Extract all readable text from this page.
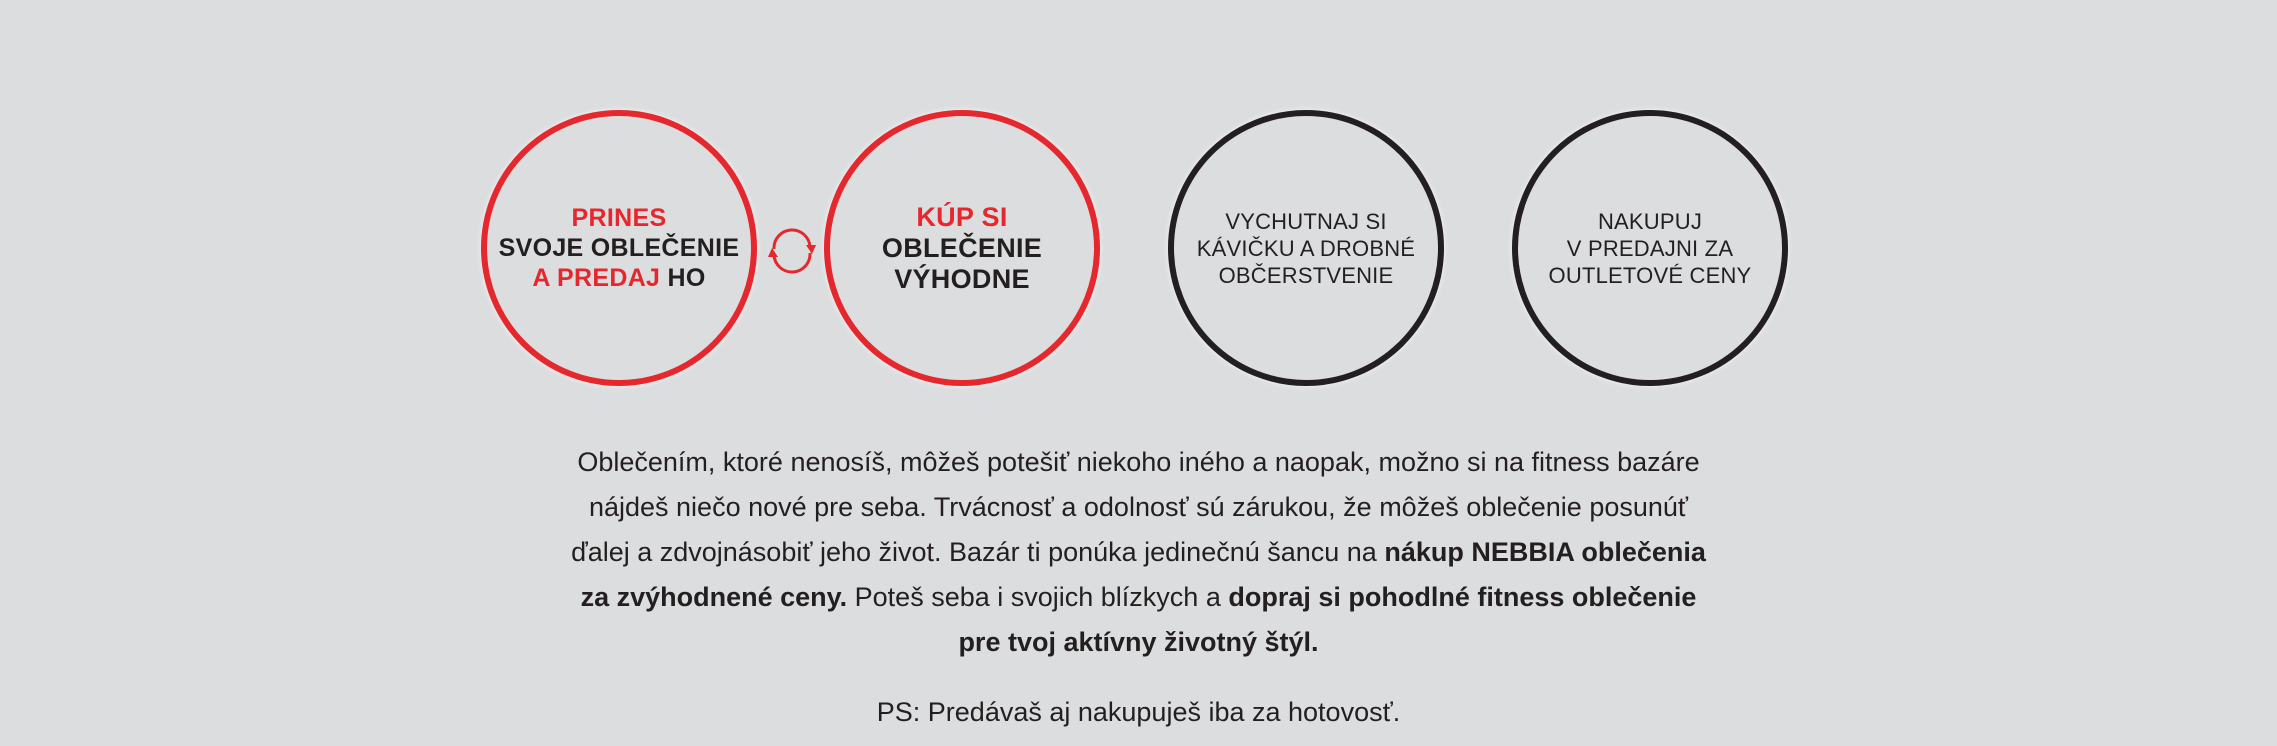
PRINES
SVOJE OBLEČENIE
A PREDAJ HO
KÚP SI
OBLEČENIE
VÝHODNE
VYCHUTNAJ SI
KÁVIČKU A DROBNÉ
OBČERSTVENIE
NAKUPUJ
V PREDAJNI ZA
OUTLETOVÉ CENY

Oblečením, ktoré nenosíš, môžeš potešiť niekoho iného a naopak, možno si na fitness bazáre nájdeš niečo nové pre seba. Trvácnosť a odolnosť sú zárukou, že môžeš oblečenie posunúť ďalej a zdvojnásobiť jeho život. Bazár ti ponúka jedinečnú šancu na nákup NEBBIA oblečenia za zvýhodnené ceny. Poteš seba i svojich blízkych a dopraj si pohodlné fitness oblečenie pre tvoj aktívny životný štýl.

PS: Predávaš aj nakupuješ iba za hotovosť.
